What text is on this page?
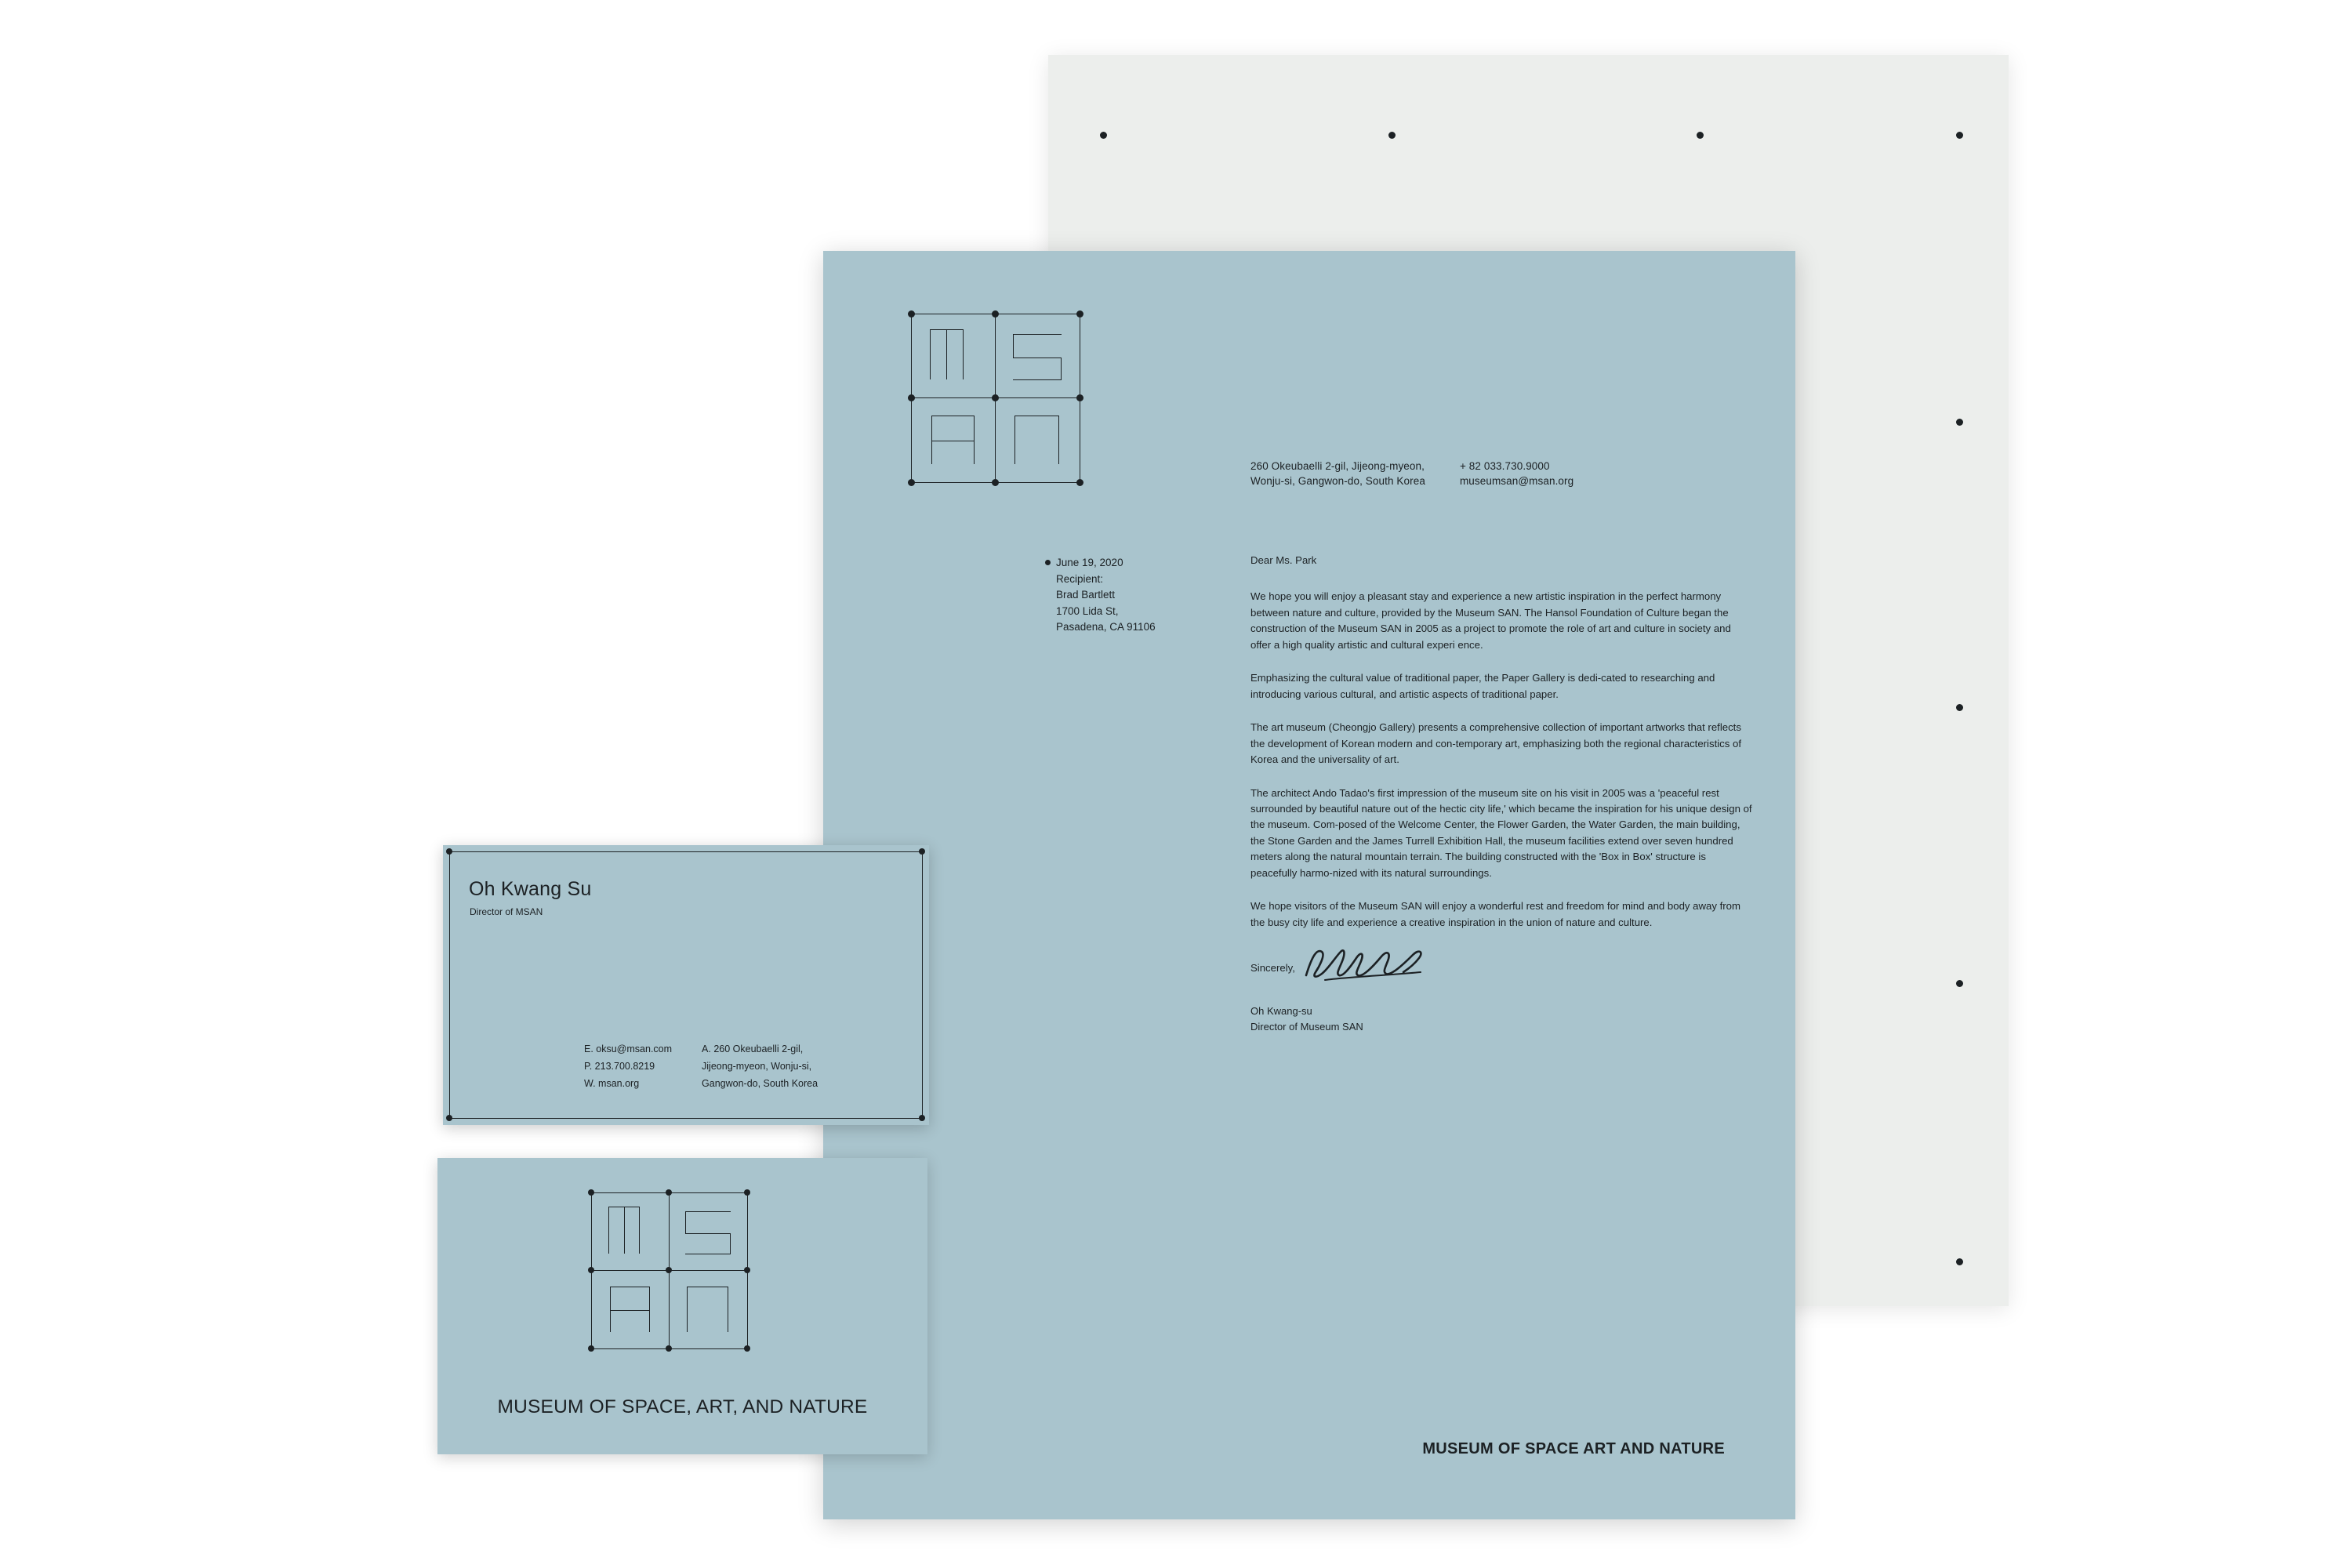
260 Okeubaelli 2-gil, Jijeong-myeon,

Wonju-si, Gangwon-do, South Korea

+ 82 033.730.9000

museumsan@msan.org

June 19, 2020

Recipient:

Brad Bartlett

1700 Lida St,

Pasadena, CA 91106

Dear Ms. Park

We hope you will enjoy a pleasant stay and experience a new artistic inspiration in the perfect harmony between nature and culture, provided by the Museum SAN. The Hansol Foundation of Culture began the construction of the Museum SAN in 2005 as a project to promote the role of art and culture in society and offer a high quality artistic and cultural experi ence.

Emphasizing the cultural value of traditional paper, the Paper Gallery is dedi-cated to researching and introducing various cultural, and artistic aspects of traditional paper.

The art museum (Cheongjo Gallery) presents a comprehensive collection of important artworks that reflects the development of Korean modern and con-temporary art, emphasizing both the regional characteristics of Korea and the universality of art.

The architect Ando Tadao's first impression of the museum site on his visit in 2005 was a 'peaceful rest surrounded by beautiful nature out of the hectic city life,' which became the inspiration for his unique design of the museum. Com-posed of the Welcome Center, the Flower Garden, the Water Garden, the main building, the Stone Garden and the James Turrell Exhibition Hall, the museum facilities extend over seven hundred meters along the natural mountain terrain. The building constructed with the 'Box in Box' structure is peacefully harmo-nized with its natural surroundings.

We hope visitors of the Museum SAN will enjoy a wonderful rest and freedom for mind and body away from the busy city life and experience a creative inspiration in the union of nature and culture.

Sincerely,

Oh Kwang-su

Director of Museum SAN

MUSEUM OF SPACE ART AND NATURE
Oh Kwang Su
Director of MSAN

E. oksu@msan.com

P. 213.700.8219

W. msan.org

A. 260 Okeubaelli 2-gil,

Jijeong-myeon, Wonju-si,

Gangwon-do, South Korea

MUSEUM OF SPACE, ART, AND NATURE
